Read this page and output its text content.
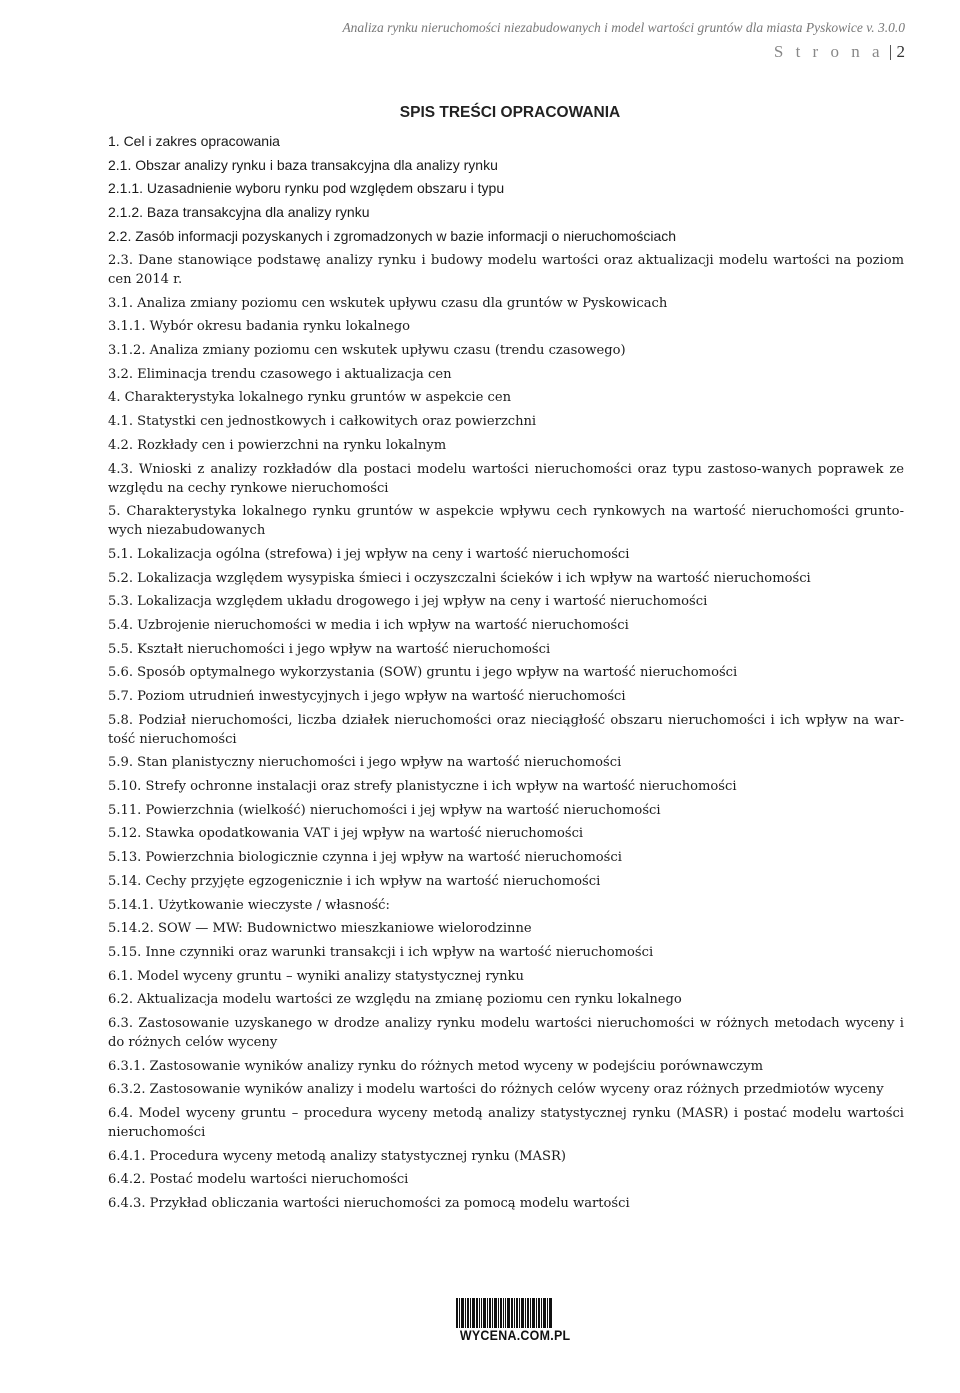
Analiza rynku nieruchomości niezabudowanych i model wartości gruntów dla miasta Pyskowice v. 3.0.0
S t r o n a 2
SPIS TREŚCI OPRACOWANIA
1. Cel i zakres opracowania
2.1. Obszar analizy rynku i baza transakcyjna dla analizy rynku
2.1.1. Uzasadnienie wyboru rynku pod względem obszaru i typu
2.1.2. Baza transakcyjna dla analizy rynku
2.2. Zasób informacji pozyskanych i zgromadzonych w bazie informacji o nieruchomościach
2.3. Dane stanowiące podstawę analizy rynku i budowy modelu wartości oraz aktualizacji modelu wartości na poziom cen 2014 r.
3.1. Analiza zmiany poziomu cen wskutek upływu czasu dla gruntów w Pyskowicach
3.1.1. Wybór okresu badania rynku lokalnego
3.1.2. Analiza zmiany poziomu cen wskutek upływu czasu (trendu czasowego)
3.2. Eliminacja trendu czasowego i aktualizacja cen
4. Charakterystyka lokalnego rynku gruntów w aspekcie cen
4.1. Statystki cen jednostkowych i całkowitych oraz powierzchni
4.2. Rozkłady cen i powierzchni na rynku lokalnym
4.3. Wnioski z analizy rozkładów dla postaci modelu wartości nieruchomości oraz typu zastoso-wanych poprawek ze względu na cechy rynkowe nieruchomości
5. Charakterystyka lokalnego rynku gruntów w aspekcie wpływu cech rynkowych na wartość nieruchomości grunto-wych niezabudowanych
5.1. Lokalizacja ogólna (strefowa) i jej wpływ na ceny i wartość nieruchomości
5.2. Lokalizacja względem wysypiska śmieci i oczyszczalni ścieków i ich wpływ na wartość nieruchomości
5.3. Lokalizacja względem układu drogowego i jej wpływ na ceny i wartość nieruchomości
5.4. Uzbrojenie nieruchomości w media i ich wpływ na wartość nieruchomości
5.5. Kształt nieruchomości i jego wpływ na wartość nieruchomości
5.6. Sposób optymalnego wykorzystania (SOW) gruntu i jego wpływ na wartość nieruchomości
5.7. Poziom utrudnień inwestycyjnych i jego wpływ na wartość nieruchomości
5.8. Podział nieruchomości, liczba działek nieruchomości oraz nieciągłość obszaru nieruchomości i ich wpływ na war-tość nieruchomości
5.9. Stan planistyczny nieruchomości i jego wpływ na wartość nieruchomości
5.10. Strefy ochronne instalacji oraz strefy planistyczne i ich wpływ na wartość nieruchomości
5.11. Powierzchnia (wielkość) nieruchomości i jej wpływ na wartość nieruchomości
5.12. Stawka opodatkowania VAT i jej wpływ na wartość nieruchomości
5.13. Powierzchnia biologicznie czynna i jej wpływ na wartość nieruchomości
5.14. Cechy przyjęte egzogenicznie i ich wpływ na wartość nieruchomości
5.14.1. Użytkowanie wieczyste / własność:
5.14.2. SOW — MW: Budownictwo mieszkaniowe wielorodzinne
5.15. Inne czynniki oraz warunki transakcji i ich wpływ na wartość nieruchomości
6.1. Model wyceny gruntu – wyniki analizy statystycznej rynku
6.2. Aktualizacja modelu wartości ze względu na zmianę poziomu cen rynku lokalnego
6.3. Zastosowanie uzyskanego w drodze analizy rynku modelu wartości nieruchomości w różnych metodach wyceny i do różnych celów wyceny
6.3.1. Zastosowanie wyników analizy rynku do różnych metod wyceny w podejściu porównawczym
6.3.2. Zastosowanie wyników analizy i modelu wartości do różnych celów wyceny oraz różnych przedmiotów wyceny
6.4. Model wyceny gruntu – procedura wyceny metodą analizy statystycznej rynku (MASR) i postać modelu wartości nieruchomości
6.4.1. Procedura wyceny metodą analizy statystycznej rynku (MASR)
6.4.2. Postać modelu wartości nieruchomości
6.4.3. Przykład obliczania wartości nieruchomości za pomocą modelu wartości
WYCENA.COM.PL
